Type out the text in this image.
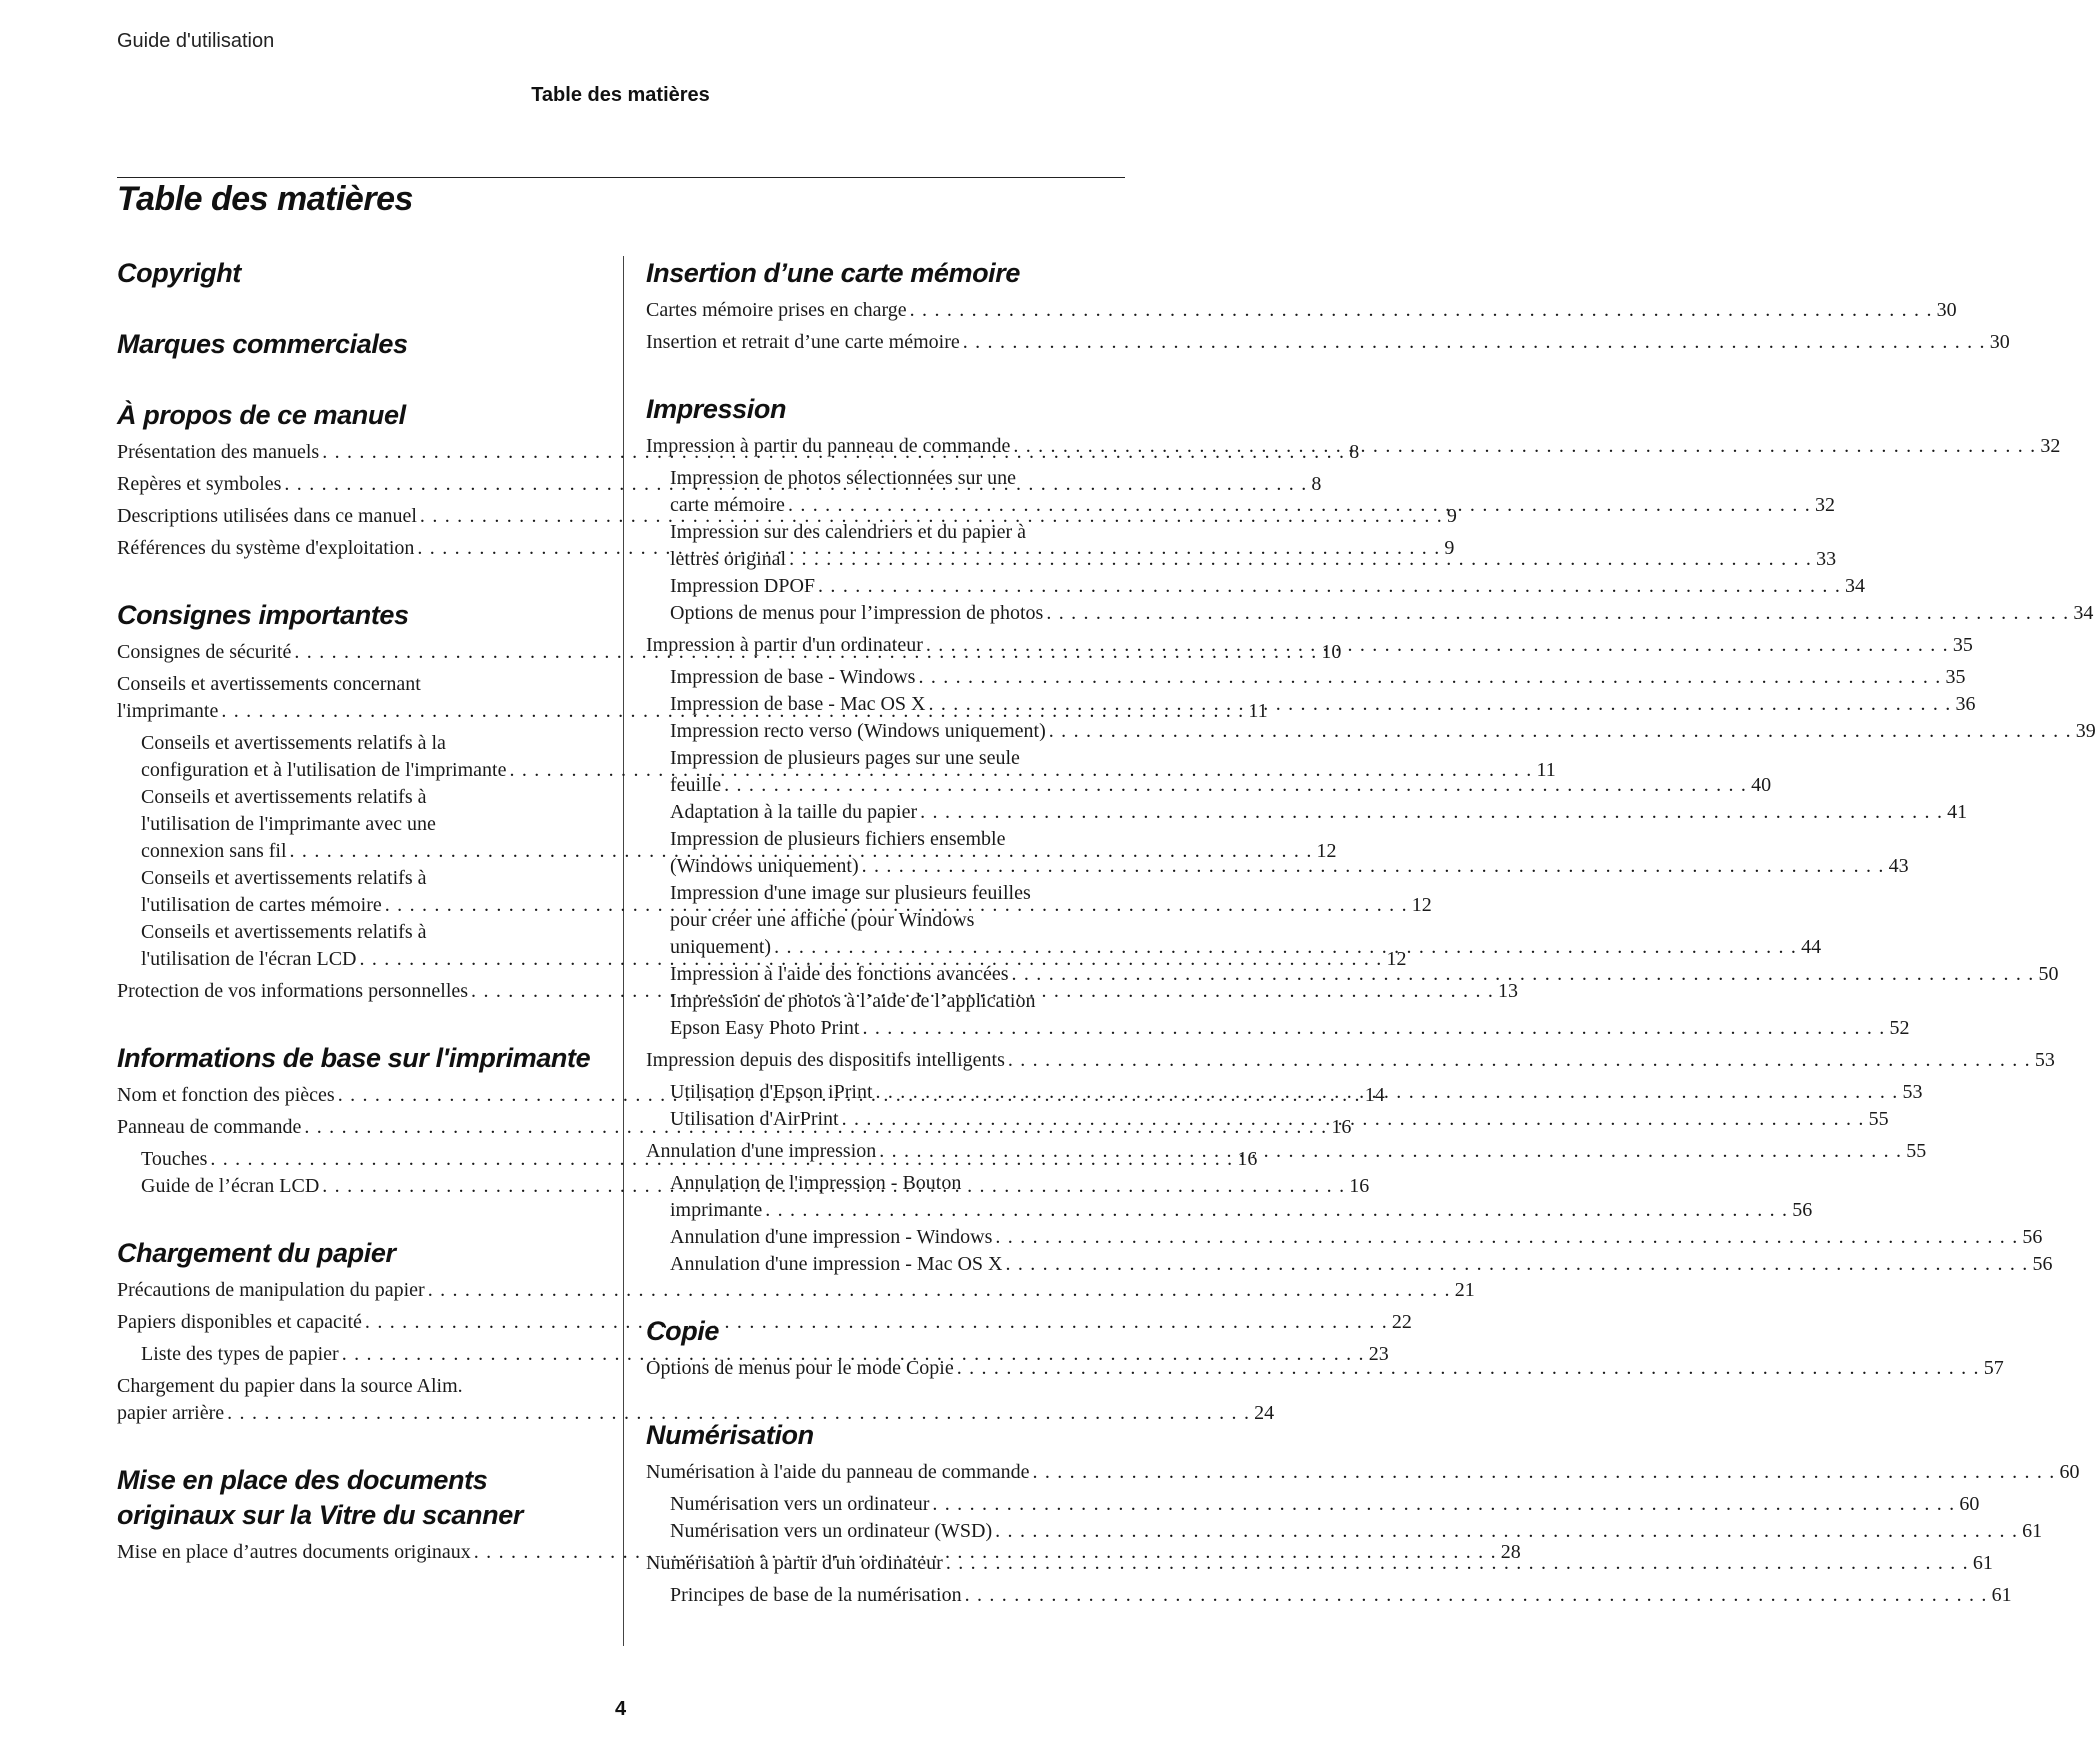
Guide d'utilisation
Table des matières
Table des matières
Copyright
Marques commerciales
À propos de ce manuel
Présentation des manuels . . .	8
Repères et symboles . . .	8
Descriptions utilisées dans ce manuel . . .	9
Références du système d'exploitation . . .	9
Consignes importantes
Consignes de sécurité . . .	10
Conseils et avertissements concernant
l'imprimante . . .	11
Conseils et avertissements relatifs à la
configuration et à l'utilisation de l'imprimante . . .	11
Conseils et avertissements relatifs à
l'utilisation de l'imprimante avec une
connexion sans fil . . .	12
Conseils et avertissements relatifs à
l'utilisation de cartes mémoire . . .	12
Conseils et avertissements relatifs à
l'utilisation de l'écran LCD . . .	12
Protection de vos informations personnelles . . .	13
Informations de base sur l'imprimante
Nom et fonction des pièces . . .	14
Panneau de commande . . .	16
Touches . . .	16
Guide de l’écran LCD . . .	16
Chargement du papier
Précautions de manipulation du papier . . .	21
Papiers disponibles et capacité . . .	22
Liste des types de papier . . .	23
Chargement du papier dans la source Alim.
papier arrière . . .	24
Mise en place des documents originaux sur la Vitre du scanner
Mise en place d’autres documents originaux . . .	28
Insertion d’une carte mémoire
Cartes mémoire prises en charge . . .	30
Insertion et retrait d’une carte mémoire . . .	30
Impression
Impression à partir du panneau de commande . . .	32
Impression de photos sélectionnées sur une
carte mémoire . . .	32
Impression sur des calendriers et du papier à
lettres original . . .	33
Impression DPOF . . .	34
Options de menus pour l’impression de photos . . .	34
Impression à partir d'un ordinateur . . .	35
Impression de base - Windows . . .	35
Impression de base - Mac OS X . . .	36
Impression recto verso (Windows uniquement) . . .	39
Impression de plusieurs pages sur une seule
feuille . . .	40
Adaptation à la taille du papier . . .	41
Impression de plusieurs fichiers ensemble
(Windows uniquement) . . .	43
Impression d'une image sur plusieurs feuilles
pour créer une affiche (pour Windows
uniquement) . . .	44
Impression à l'aide des fonctions avancées . . .	50
Impression de photos à l’aide de l’application
Epson Easy Photo Print . . .	52
Impression depuis des dispositifs intelligents . . .	53
Utilisation d'Epson iPrint . . .	53
Utilisation d'AirPrint . . .	55
Annulation d'une impression . . .	55
Annulation de l'impression - Bouton
imprimante . . .	56
Annulation d'une impression - Windows . . .	56
Annulation d'une impression - Mac OS X . . .	56
Copie
Options de menus pour le mode Copie . . .	57
Numérisation
Numérisation à l'aide du panneau de commande . . .	60
Numérisation vers un ordinateur . . .	60
Numérisation vers un ordinateur (WSD) . . .	61
Numérisation à partir d'un ordinateur . . .	61
Principes de base de la numérisation . . .	61
4
